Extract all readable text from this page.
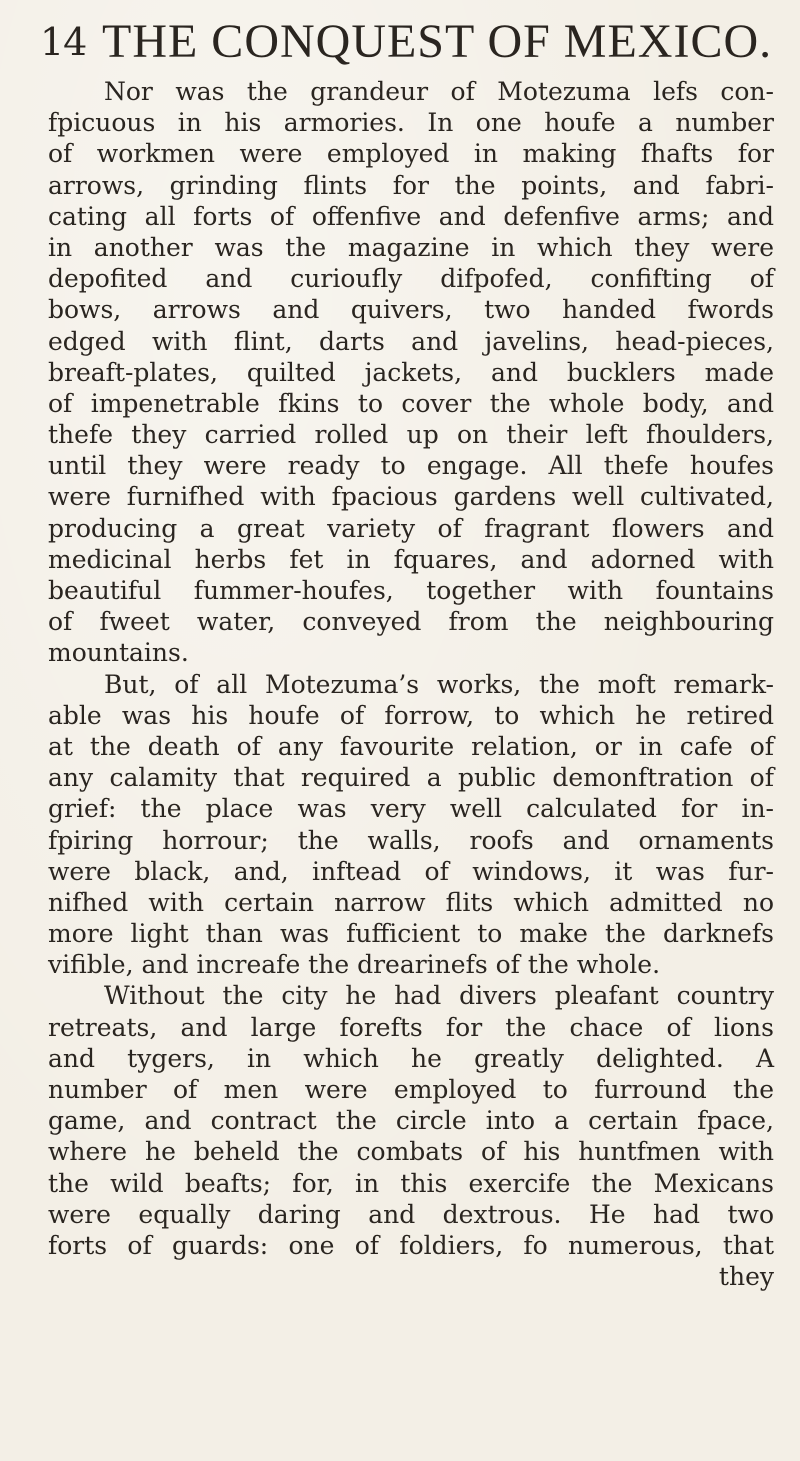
14 THE CONQUEST OF MEXICO.
Nor was the grandeur of Motezuma lefs con-
fpicuous in his armories. In one houfe a number
of workmen were employed in making fhafts for
arrows, grinding flints for the points, and fabri-
cating all forts of offenfive and defenfive arms; and
in another was the magazine in which they were
depofited and curioufly difpofed, confifting of
bows, arrows and quivers, two handed fwords
edged with flint, darts and javelins, head-pieces,
breaft-plates, quilted jackets, and bucklers made
of impenetrable fkins to cover the whole body, and
thefe they carried rolled up on their left fhoulders,
until they were ready to engage. All thefe houfes
were furnifhed with fpacious gardens well cultivated,
producing a great variety of fragrant flowers and
medicinal herbs fet in fquares, and adorned with
beautiful fummer-houfes, together with fountains
of fweet water, conveyed from the neighbouring
mountains.
But, of all Motezuma’s works, the moft remark-
able was his houfe of forrow, to which he retired
at the death of any favourite relation, or in cafe of
any calamity that required a public demonftration of
grief: the place was very well calculated for in-
fpiring horrour; the walls, roofs and ornaments
were black, and, inftead of windows, it was fur-
nifhed with certain narrow flits which admitted no
more light than was fufficient to make the darknefs
vifible, and increafe the drearinefs of the whole.
Without the city he had divers pleafant country
retreats, and large forefts for the chace of lions
and tygers, in which he greatly delighted. A
number of men were employed to furround the
game, and contract the circle into a certain fpace,
where he beheld the combats of his huntfmen with
the wild beafts; for, in this exercife the Mexicans
were equally daring and dextrous. He had two
forts of guards: one of foldiers, fo numerous, that
they
